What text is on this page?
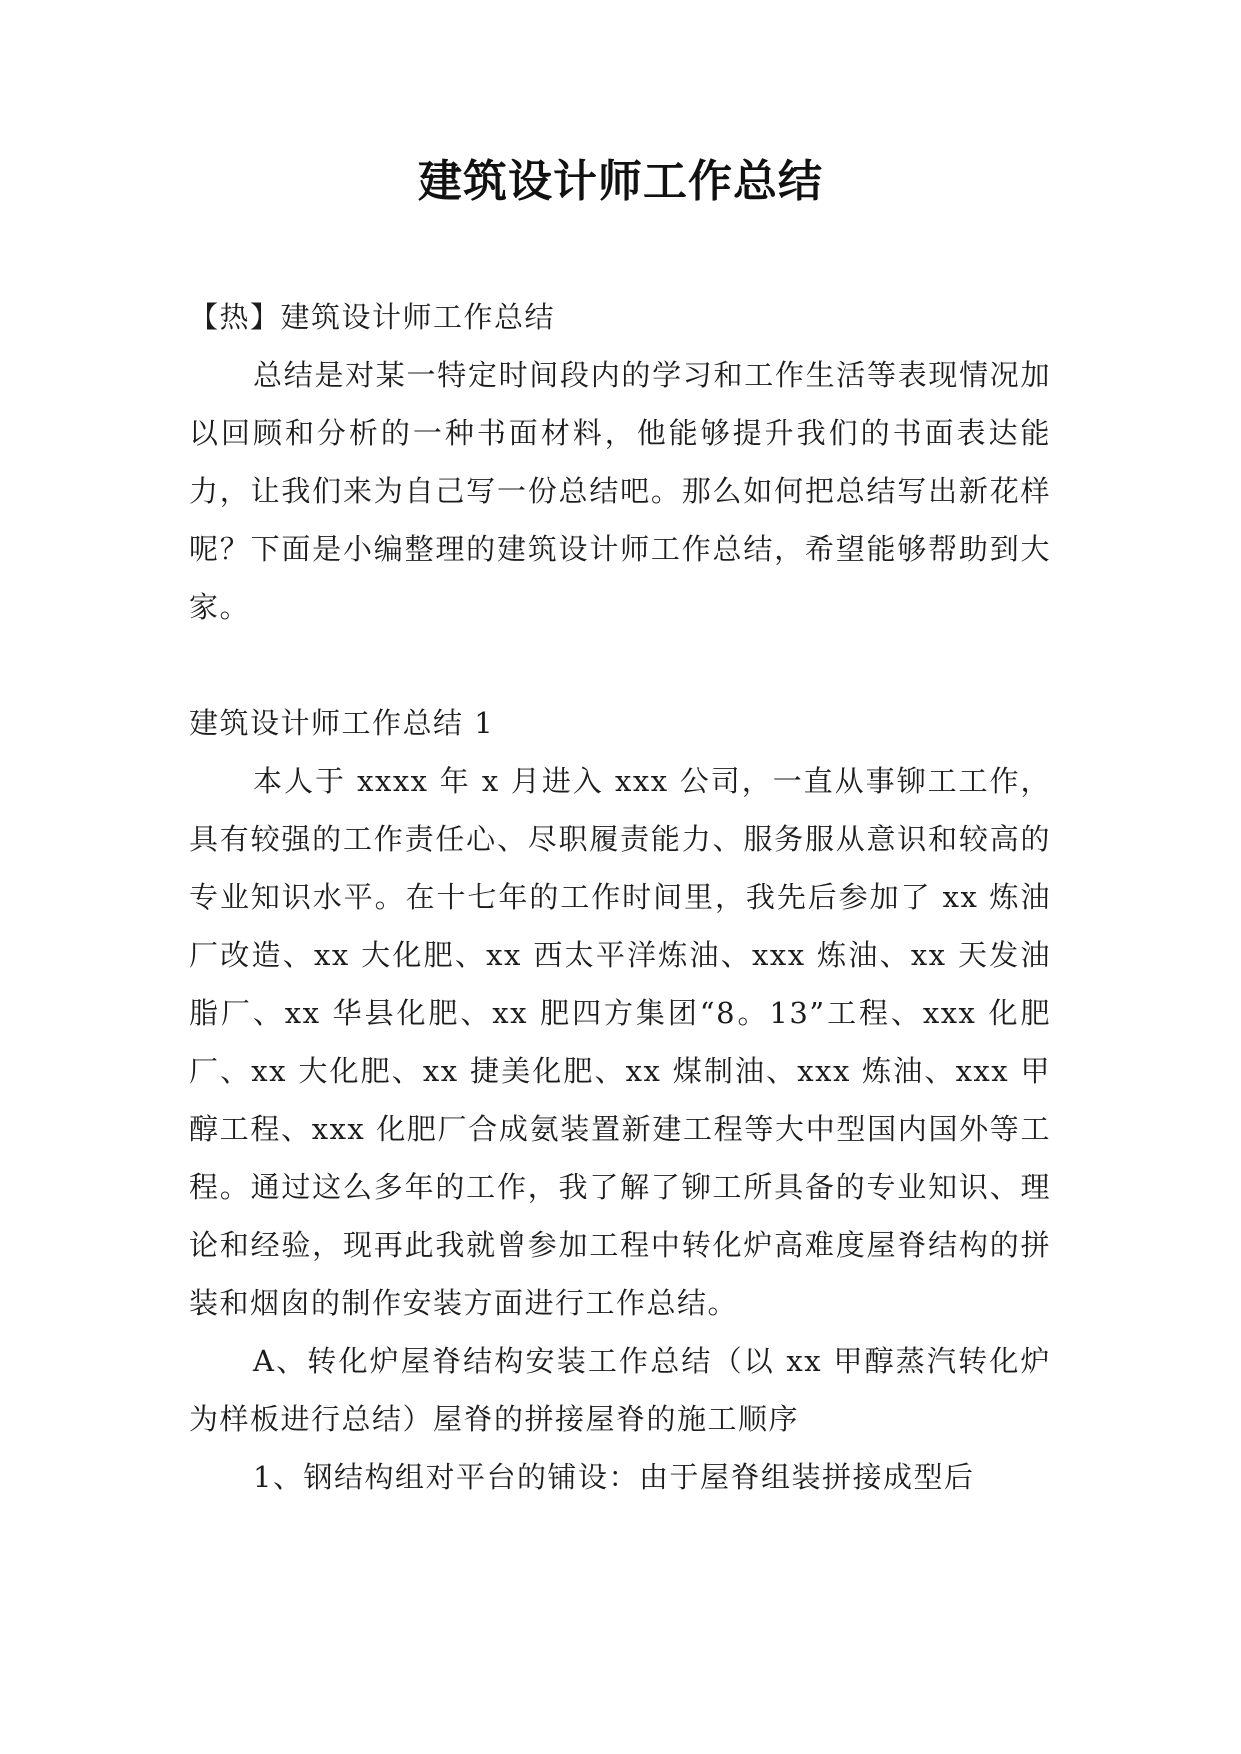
建筑设计师工作总结

【热】建筑设计师工作总结

总结是对某一特定时间段内的学习和工作生活等表现情况加以回顾和分析的一种书面材料，他能够提升我们的书面表达能力，让我们来为自己写一份总结吧。那么如何把总结写出新花样呢？下面是小编整理的建筑设计师工作总结，希望能够帮助到大家。

建筑设计师工作总结 1

本人于 xxxx 年 x 月进入 xxx 公司，一直从事铆工工作，具有较强的工作责任心、尽职履责能力、服务服从意识和较高的专业知识水平。在十七年的工作时间里，我先后参加了 xx 炼油厂改造、xx 大化肥、xx 西太平洋炼油、xxx 炼油、xx 天发油脂厂、xx 华县化肥、xx 肥四方集团“8。13”工程、xxx 化肥厂、xx 大化肥、xx 捷美化肥、xx 煤制油、xxx 炼油、xxx 甲醇工程、xxx 化肥厂合成氨装置新建工程等大中型国内国外等工程。通过这么多年的工作，我了解了铆工所具备的专业知识、理论和经验，现再此我就曾参加工程中转化炉高难度屋脊结构的拼装和烟囱的制作安装方面进行工作总结。

A、转化炉屋脊结构安装工作总结（以 xx 甲醇蒸汽转化炉为样板进行总结）屋脊的拼接屋脊的施工顺序

1、钢结构组对平台的铺设：由于屋脊组装拼接成型后
